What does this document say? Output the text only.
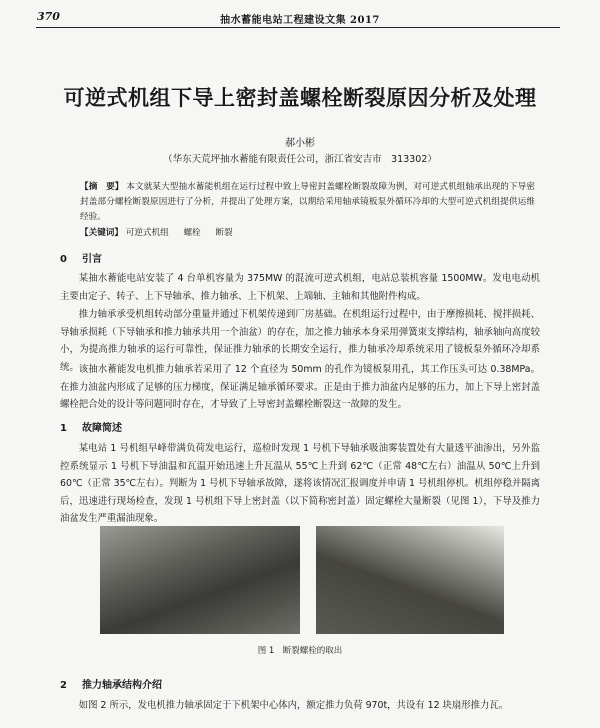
370	抽水蓄能电站工程建设文集 2017
可逆式机组下导上密封盖螺栓断裂原因分析及处理
郝小彬
（华东天荒坪抽水蓄能有限责任公司，浙江省安吉市　313302）
【摘　要】 本文就某大型抽水蓄能机组在运行过程中致上导密封盖螺栓断裂故障为例，对可逆式机组轴承出现的下导密封盖部分螺栓断裂原因进行了分析，并提出了处理方案，以期给采用轴承镜板泵外循环冷却的大型可逆式机组提供运维经验。
【关键词】 可逆式机组 螺栓 断裂
0 引言
某抽水蓄能电站安装了 4 台单机容量为 375MW 的混流可逆式机组，电站总装机容量 1500MW。发电电动机主要由定子、转子、上下导轴承、推力轴承、上下机架、上端轴、主轴和其他附件构成。
推力轴承承受机组转动部分重量并通过下机架传递到厂房基础。在机组运行过程中，由于摩擦损耗、搅拌损耗、导轴承损耗（下导轴承和推力轴承共用一个油盆）的存在，加之推力轴承本身采用弹簧束支撑结构，轴承轴向高度较小，为提高推力轴承的运行可靠性，保证推力轴承的长期安全运行，推力轴承冷却系统采用了镜板泵外循环冷却系统。 该抽水蓄能发电机推力轴承若采用了 12 个直径为 50mm 的孔作为镜板泵用孔，其工作压头可达 0.38MPa。在推力油盆内形成了足够的压力梯度，保证满足轴承循环要求。正是由于推力油盆内足够的压力，加上下导上密封盖螺栓把合处的设计等问题同时存在，才导致了上导密封盖螺栓断裂这一故障的发生。
1 故障简述
某电站 1 号机组早峰带满负荷发电运行，巡检时发现 1 号机下导轴承吸油雾装置处有大量透平油渗出，另外监控系统显示 1 号机下导油温和瓦温开始迅速上升瓦温从 55℃上升到 62℃（正常 48℃左右）油温从 50℃上升到 60℃（正常 35℃左右）。判断为 1 号机下导轴承故障，遂将该情况汇报调度并申请 1 号机组停机。机组停稳并隔离后，迅速进行现场检查，发现 1 号机组下导上密封盖（以下简称密封盖）固定螺栓大量断裂（见图 1），下导及推力油盆发生严重漏油现象。
图 1　断裂螺栓的取出
2 推力轴承结构介绍
如图 2 所示，发电机推力轴承固定于下机架中心体内，额定推力负荷 970t，共设有 12 块扇形推力瓦。
